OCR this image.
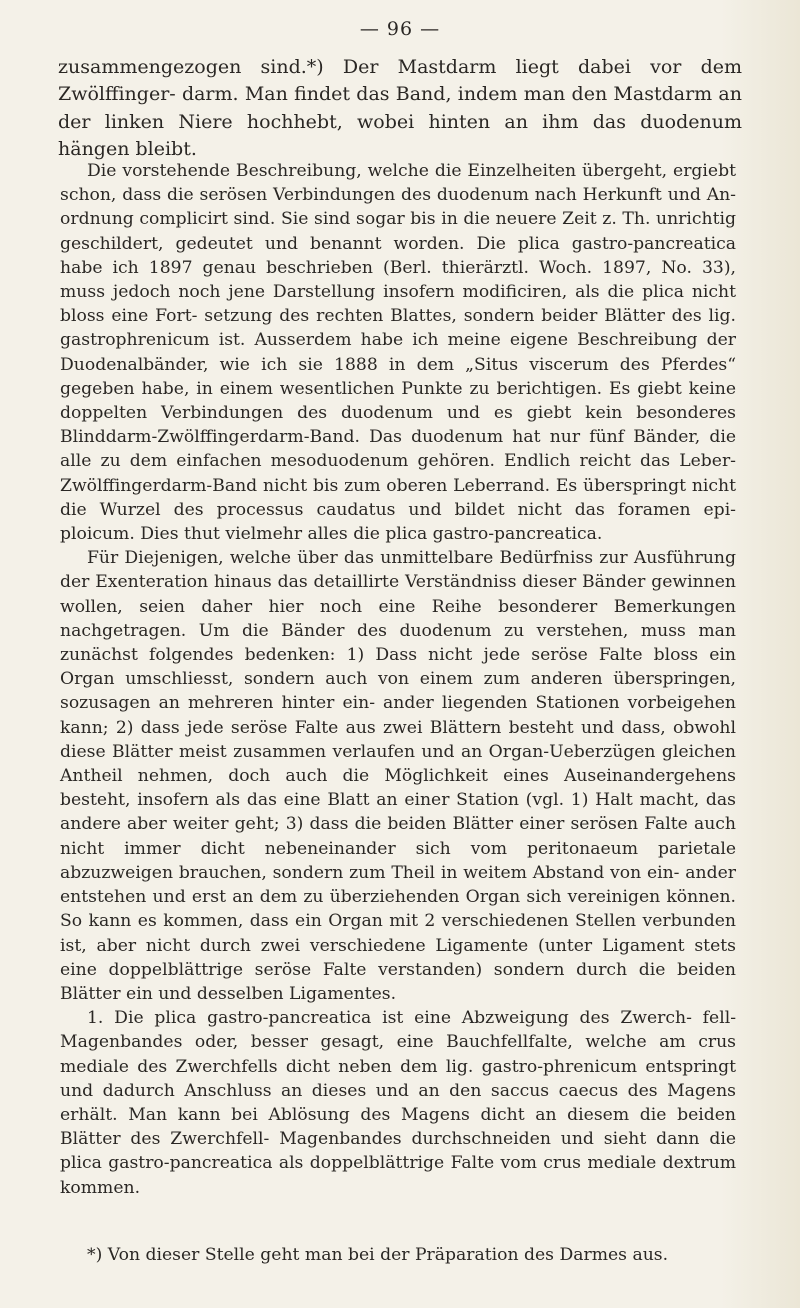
— 96 —

zusammengezogen sind.*) Der Mastdarm liegt dabei vor dem Zwölffinger- darm. Man findet das Band, indem man den Mastdarm an der linken Niere hochhebt, wobei hinten an ihm das duodenum hängen bleibt.

Die vorstehende Beschreibung, welche die Einzelheiten übergeht, ergiebt schon, dass die serösen Verbindungen des duodenum nach Herkunft und An- ordnung complicirt sind. Sie sind sogar bis in die neuere Zeit z. Th. unrichtig geschildert, gedeutet und benannt worden. Die plica gastro-pancreatica habe ich 1897 genau beschrieben (Berl. thierärztl. Woch. 1897, No. 33), muss jedoch noch jene Darstellung insofern modificiren, als die plica nicht bloss eine Fort- setzung des rechten Blattes, sondern beider Blätter des lig. gastrophrenicum ist. Ausserdem habe ich meine eigene Beschreibung der Duodenalbänder, wie ich sie 1888 in dem „Situs viscerum des Pferdes“ gegeben habe, in einem wesentlichen Punkte zu berichtigen. Es giebt keine doppelten Verbindungen des duodenum und es giebt kein besonderes Blinddarm-Zwölffingerdarm-Band. Das duodenum hat nur fünf Bänder, die alle zu dem einfachen mesoduodenum gehören. Endlich reicht das Leber-Zwölffingerdarm-Band nicht bis zum oberen Leberrand. Es überspringt nicht die Wurzel des processus caudatus und bildet nicht das foramen epi- ploicum. Dies thut vielmehr alles die plica gastro-pancreatica.

Für Diejenigen, welche über das unmittelbare Bedürfniss zur Ausführung der Exenteration hinaus das detaillirte Verständniss dieser Bänder gewinnen wollen, seien daher hier noch eine Reihe besonderer Bemerkungen nachgetragen. Um die Bänder des duodenum zu verstehen, muss man zunächst folgendes bedenken: 1) Dass nicht jede seröse Falte bloss ein Organ umschliesst, sondern auch von einem zum anderen überspringen, sozusagen an mehreren hinter ein- ander liegenden Stationen vorbeigehen kann; 2) dass jede seröse Falte aus zwei Blättern besteht und dass, obwohl diese Blätter meist zusammen verlaufen und an Organ-Ueberzügen gleichen Antheil nehmen, doch auch die Möglichkeit eines Auseinandergehens besteht, insofern als das eine Blatt an einer Station (vgl. 1) Halt macht, das andere aber weiter geht; 3) dass die beiden Blätter einer serösen Falte auch nicht immer dicht nebeneinander sich vom peritonaeum parietale abzuzweigen brauchen, sondern zum Theil in weitem Abstand von ein- ander entstehen und erst an dem zu überziehenden Organ sich vereinigen können. So kann es kommen, dass ein Organ mit 2 verschiedenen Stellen verbunden ist, aber nicht durch zwei verschiedene Ligamente (unter Ligament stets eine doppelblättrige seröse Falte verstanden) sondern durch die beiden Blätter ein und desselben Ligamentes.

1. Die plica gastro-pancreatica ist eine Abzweigung des Zwerch- fell-Magenbandes oder, besser gesagt, eine Bauchfellfalte, welche am crus mediale des Zwerchfells dicht neben dem lig. gastro-phrenicum entspringt und dadurch Anschluss an dieses und an den saccus caecus des Magens erhält. Man kann bei Ablösung des Magens dicht an diesem die beiden Blätter des Zwerchfell- Magenbandes durchschneiden und sieht dann die plica gastro-pancreatica als doppelblättrige Falte vom crus mediale dextrum kommen.

*) Von dieser Stelle geht man bei der Präparation des Darmes aus.
